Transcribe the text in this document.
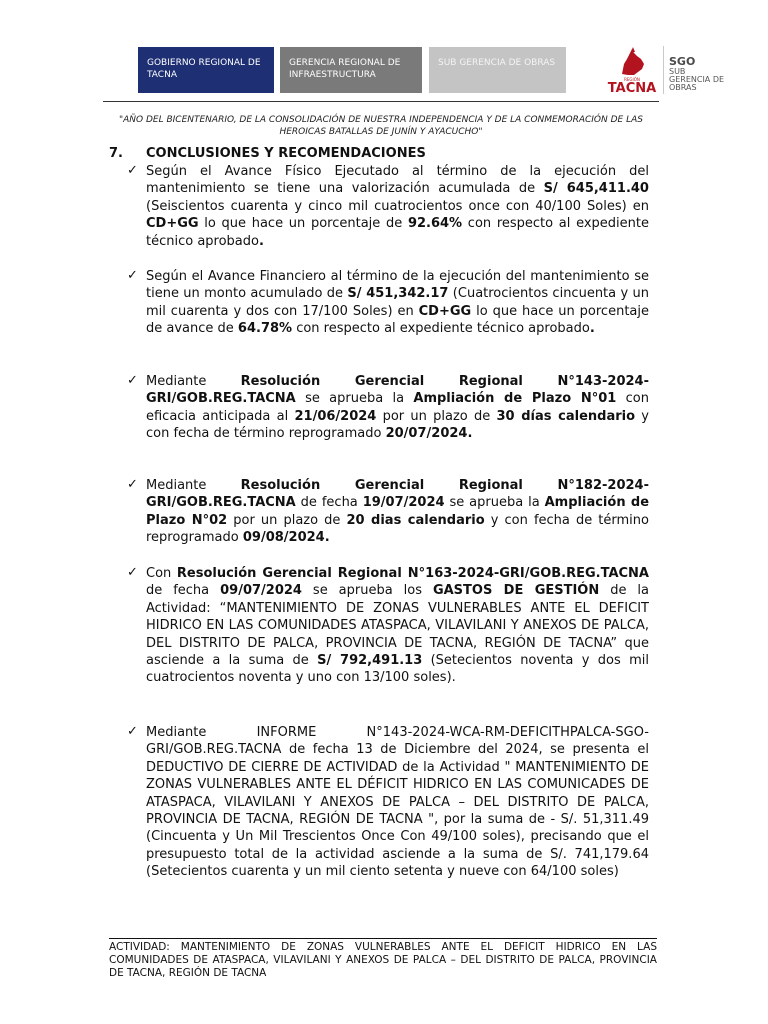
GOBIERNO REGIONAL DE TACNA
GERENCIA REGIONAL DE INFRAESTRUCTURA
SUB GERENCIA DE OBRAS
REGIÓN
TACNA
SGO
SUB GERENCIA DE OBRAS
"AÑO DEL BICENTENARIO, DE LA CONSOLIDACIÓN DE NUESTRA INDEPENDENCIA Y DE LA CONMEMORACIÓN DE LAS HEROICAS BATALLAS DE JUNÍN Y AYACUCHO"
7. CONCLUSIONES Y RECOMENDACIONES
✓ Según el Avance Físico Ejecutado al término de la ejecución del mantenimiento se tiene una valorización acumulada de S/ 645,411.40 (Seiscientos cuarenta y cinco mil cuatrocientos once con 40/100 Soles) en CD+GG lo que hace un porcentaje de 92.64% con respecto al expediente técnico aprobado.
✓ Según el Avance Financiero al término de la ejecución del mantenimiento se tiene un monto acumulado de S/ 451,342.17 (Cuatrocientos cincuenta y un mil cuarenta y dos con 17/100 Soles) en CD+GG lo que hace un porcentaje de avance de 64.78% con respecto al expediente técnico aprobado.
✓ Mediante Resolución Gerencial Regional N°143-2024-GRI/GOB.REG.TACNA se aprueba la Ampliación de Plazo N°01 con eficacia anticipada al 21/06/2024 por un plazo de 30 días calendario y con fecha de término reprogramado 20/07/2024.
✓ Mediante Resolución Gerencial Regional N°182-2024-GRI/GOB.REG.TACNA de fecha 19/07/2024 se aprueba la Ampliación de Plazo N°02 por un plazo de 20 dias calendario y con fecha de término reprogramado 09/08/2024.
✓ Con Resolución Gerencial Regional N°163-2024-GRI/GOB.REG.TACNA de fecha 09/07/2024 se aprueba los GASTOS DE GESTIÓN de la Actividad: “MANTENIMIENTO DE ZONAS VULNERABLES ANTE EL DEFICIT HIDRICO EN LAS COMUNIDADES ATASPACA, VILAVILANI Y ANEXOS DE PALCA, DEL DISTRITO DE PALCA, PROVINCIA DE TACNA, REGIÓN DE TACNA” que asciende a la suma de S/ 792,491.13 (Setecientos noventa y dos mil cuatrocientos noventa y uno con 13/100 soles).
✓ Mediante INFORME N°143-2024-WCA-RM-DEFICITHPALCA-SGO-GRI/GOB.REG.TACNA de fecha 13 de Diciembre del 2024, se presenta el DEDUCTIVO DE CIERRE DE ACTIVIDAD de la Actividad " MANTENIMIENTO DE ZONAS VULNERABLES ANTE EL DÉFICIT HIDRICO EN LAS COMUNICADES DE ATASPACA, VILAVILANI Y ANEXOS DE PALCA – DEL DISTRITO DE PALCA, PROVINCIA DE TACNA, REGIÓN DE TACNA ", por la suma de - S/. 51,311.49 (Cincuenta y Un Mil Trescientos Once Con 49/100 soles), precisando que el presupuesto total de la actividad asciende a la suma de S/. 741,179.64 (Setecientos cuarenta y un mil ciento setenta y nueve con 64/100 soles)
ACTIVIDAD: MANTENIMIENTO DE ZONAS VULNERABLES ANTE EL DEFICIT HIDRICO EN LAS COMUNIDADES DE ATASPACA, VILAVILANI Y ANEXOS DE PALCA – DEL DISTRITO DE PALCA, PROVINCIA DE TACNA, REGIÓN DE TACNA
